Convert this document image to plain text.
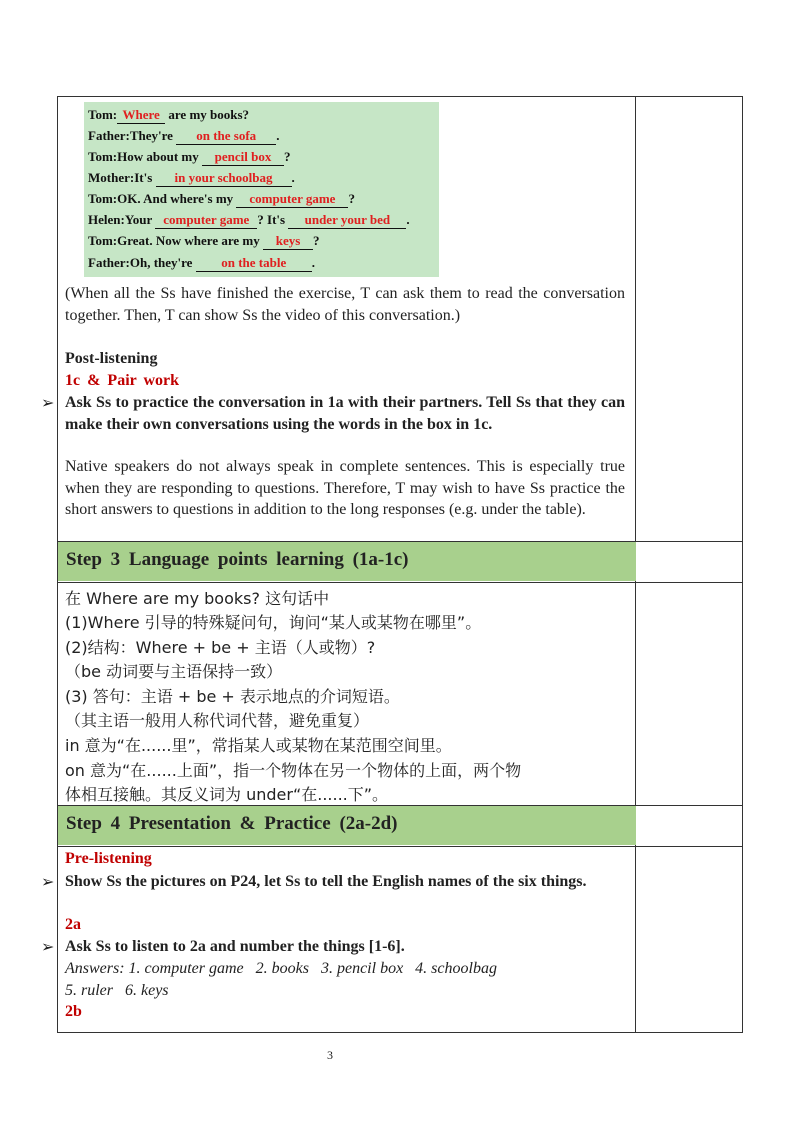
Tom: Where are my books?
Father:They're on the sofa .
Tom:How about my pencil box ?
Mother:It's in your schoolbag .
Tom:OK. And where's my computer game ?
Helen:Your computer game ? It's under your bed .
Tom:Great. Now where are my keys ?
Father:Oh, they're on the table .
(When all the Ss have finished the exercise, T can ask them to read the conversation together. Then, T can show Ss the video of this conversation.)
Post-listening
1c & Pair work
➢ Ask Ss to practice the conversation in 1a with their partners. Tell Ss that they can make their own conversations using the words in the box in 1c.
Native speakers do not always speak in complete sentences. This is especially true when they are responding to questions. Therefore, T may wish to have Ss practice the short answers to questions in addition to the long responses (e.g. under the table).
Step 3 Language points learning (1a-1c)
在 Where are my books? 这句话中
(1)Where 引导的特殊疑问句，询问“某人或某物在哪里”。
(2)结构：Where + be + 主语（人或物）?
（be 动词要与主语保持一致）
(3) 答句：主语 + be + 表示地点的介词短语。
（其主语一般用人称代词代替，避免重复）
in 意为“在......里”，常指某人或某物在某范围空间里。
on 意为“在......上面”，指一个物体在另一个物体的上面，两个物
体相互接触。其反义词为 under“在......下”。
Step 4 Presentation & Practice (2a-2d)
Pre-listening
➢ Show Ss the pictures on P24, let Ss to tell the English names of the six things.
2a
➢ Ask Ss to listen to 2a and number the things [1-6].
Answers: 1. computer game   2. books   3. pencil box   4. schoolbag
5. ruler   6. keys
2b
3
